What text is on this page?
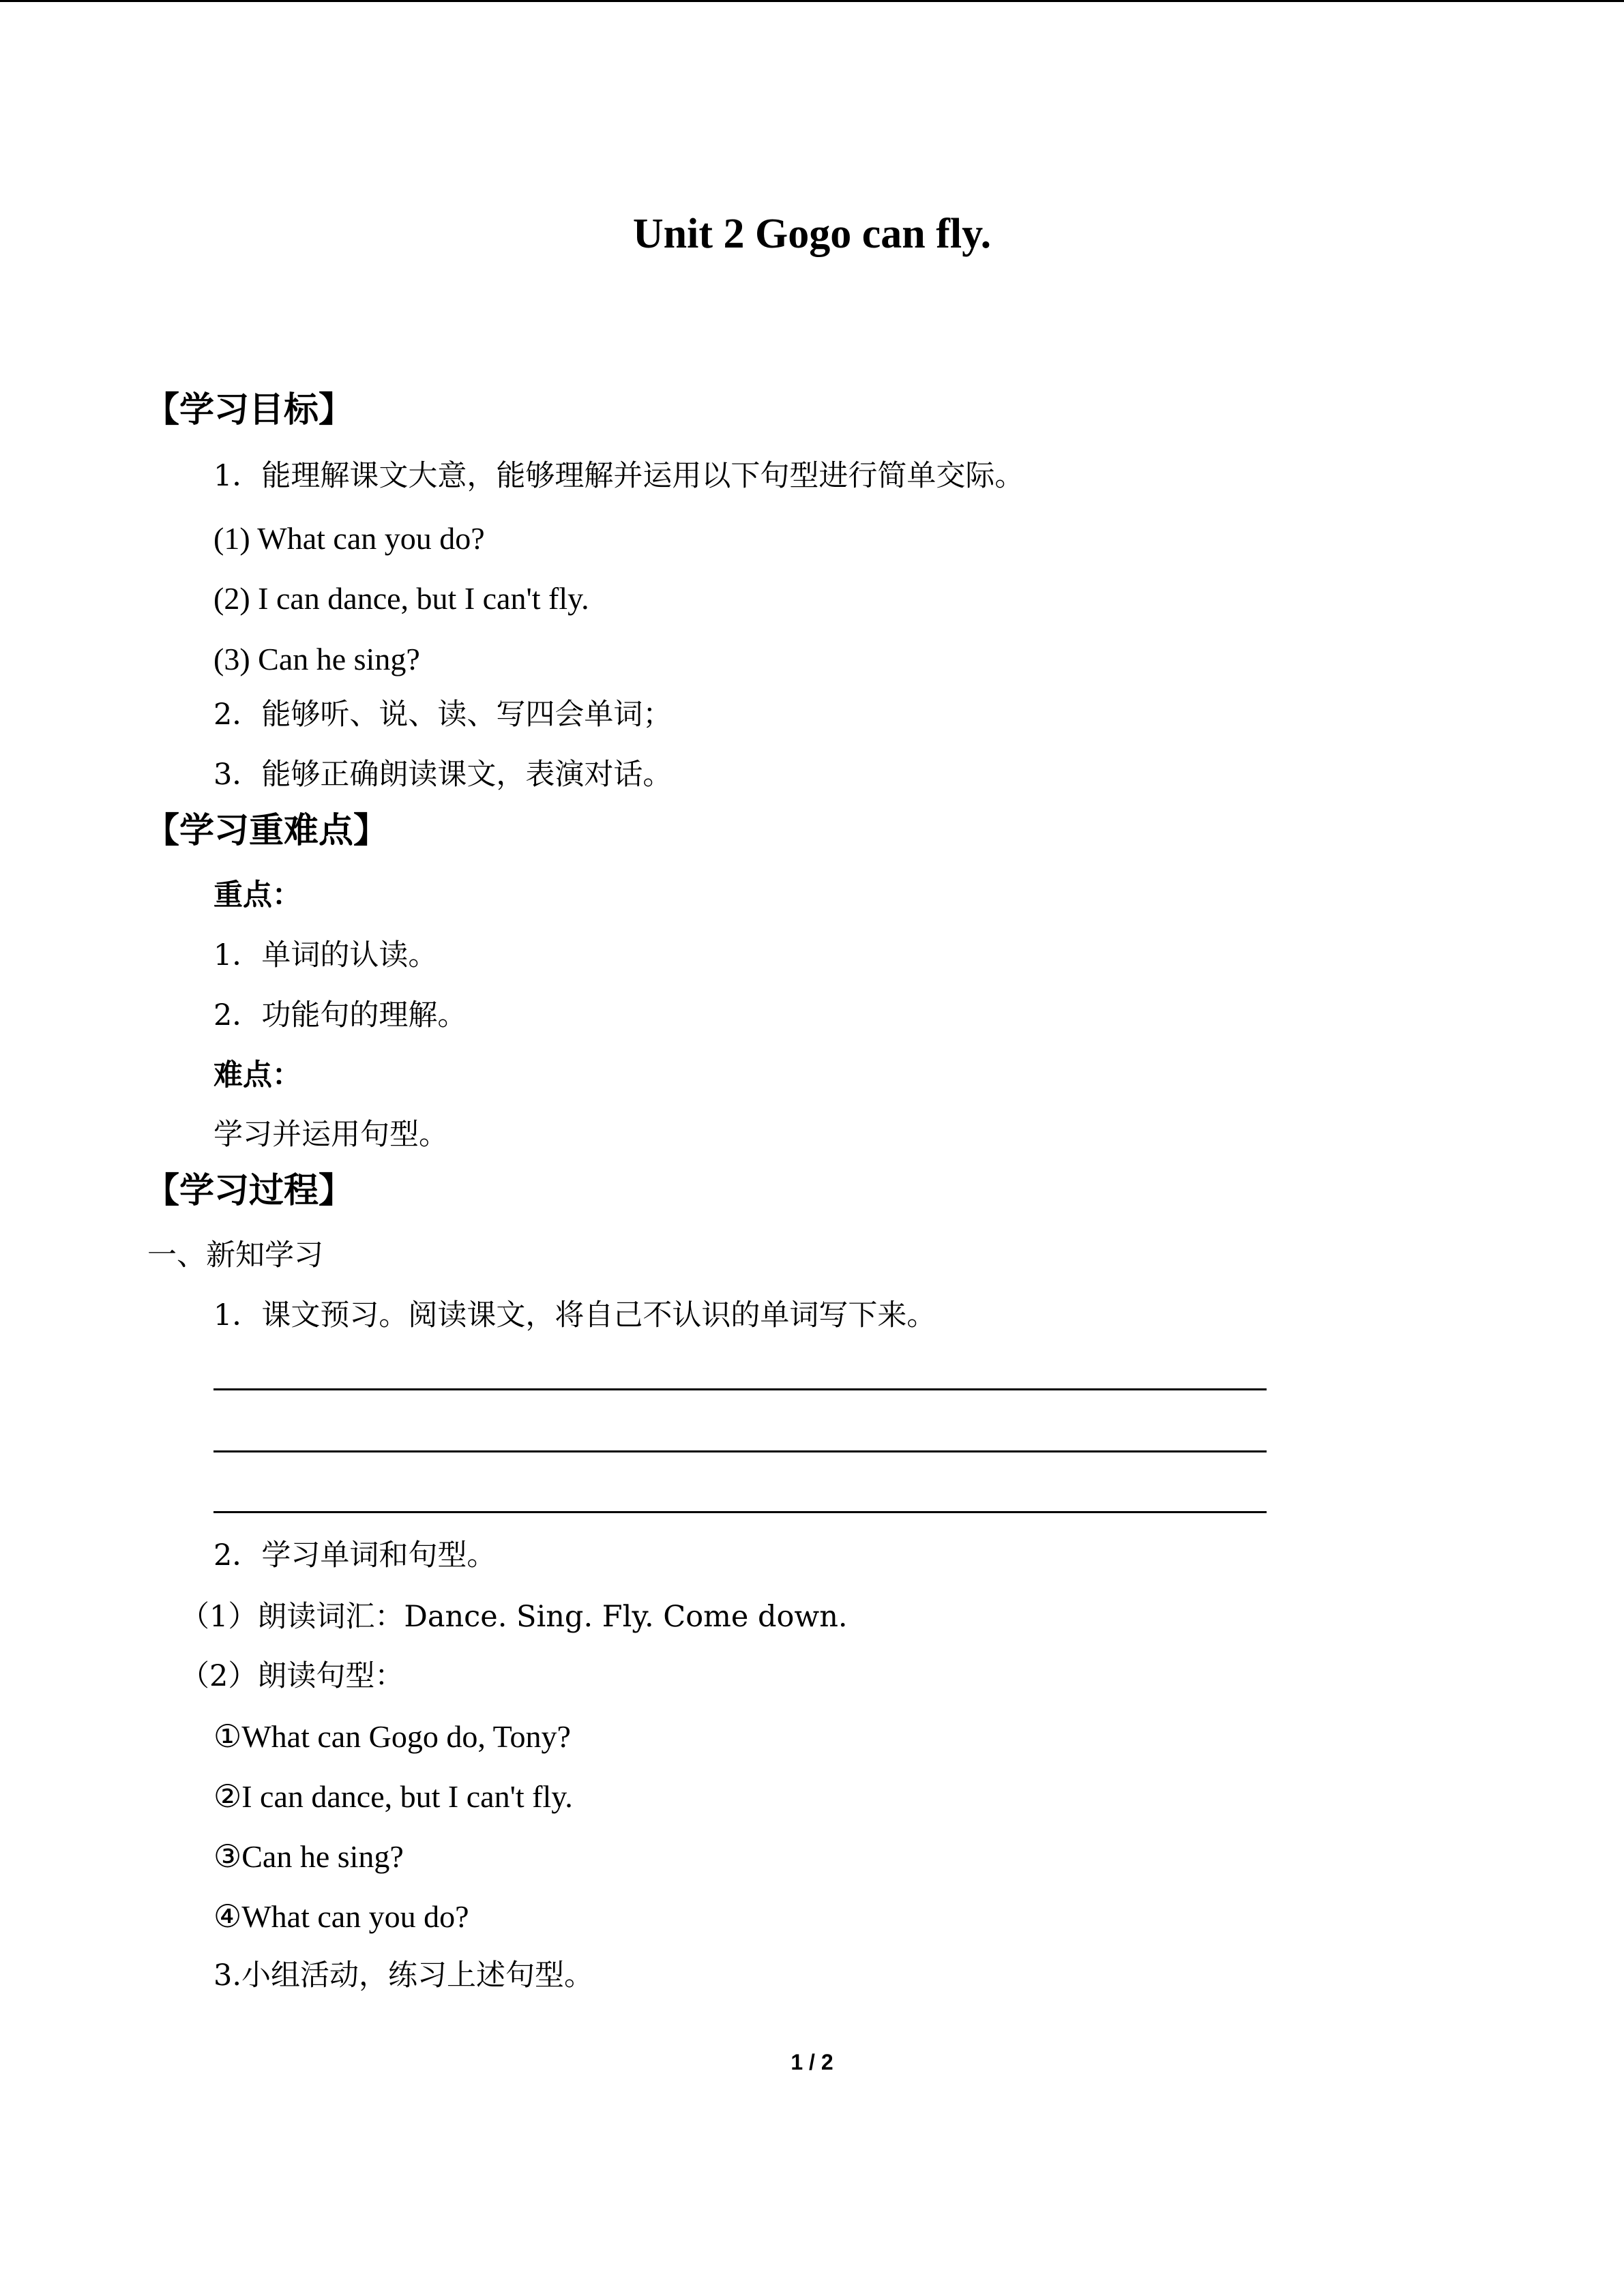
Unit 2 Gogo can fly.
【学习目标】
1．能理解课文大意，能够理解并运用以下句型进行简单交际。
(1) What can you do?
(2) I can dance, but I can't fly.
(3) Can he sing?
2．能够听、说、读、写四会单词；
3．能够正确朗读课文，表演对话。
【学习重难点】
重点：
1．单词的认读。
2．功能句的理解。
难点：
学习并运用句型。
【学习过程】
一、新知学习
1．课文预习。阅读课文，将自己不认识的单词写下来。
2．学习单词和句型。
（1）朗读词汇：Dance. Sing. Fly. Come down.
（2）朗读句型：
①What can Gogo do, Tony?
②I can dance, but I can't fly.
③Can he sing?
④What can you do?
3.小组活动，练习上述句型。
1 / 2
